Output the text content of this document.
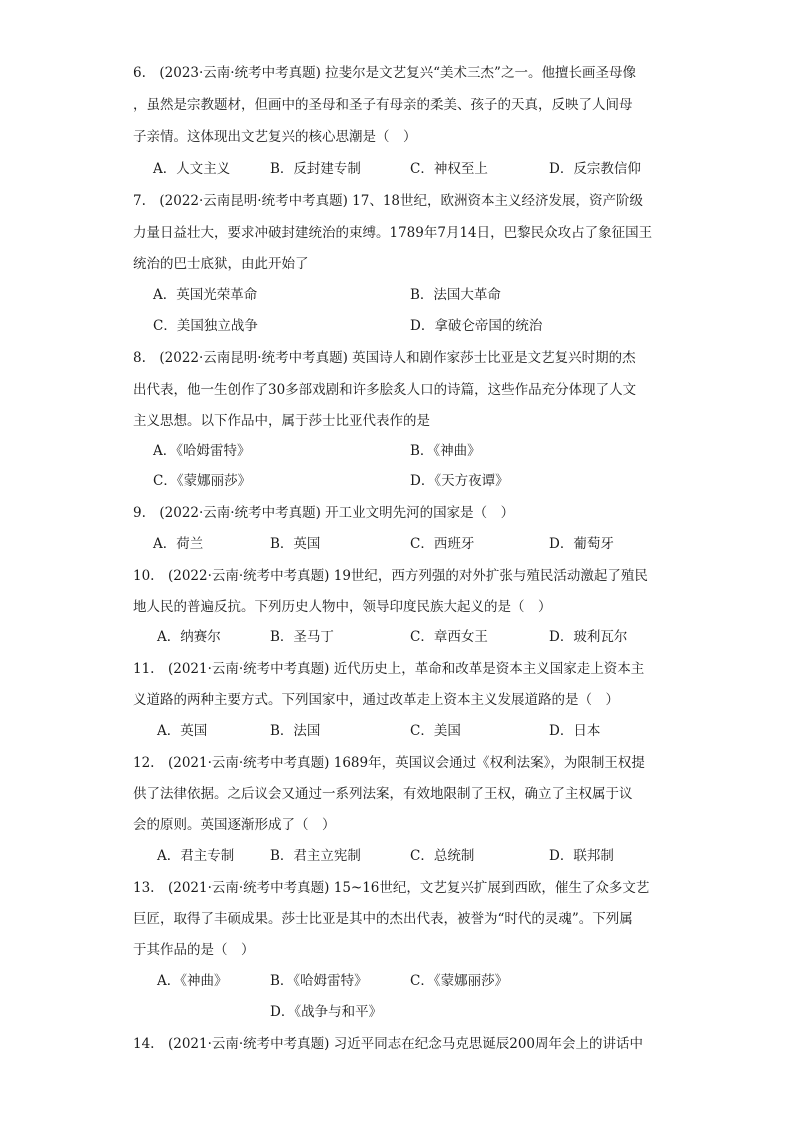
6.　(2023·云南·统考中考真题) 拉斐尔是文艺复兴“美术三杰”之一。他擅长画圣母像
，虽然是宗教题材，但画中的圣母和圣子有母亲的柔美、孩子的天真，反映了人间母
子亲情。这体现出文艺复兴的核心思潮是（　）
A．人文主义	B．反封建专制	C．神权至上	D．反宗教信仰
7.　(2022·云南昆明·统考中考真题) 17、18世纪，欧洲资本主义经济发展，资产阶级
力量日益壮大，要求冲破封建统治的束缚。1789年7月14日，巴黎民众攻占了象征国王
统治的巴士底狱，由此开始了
A．英国光荣革命	B．法国大革命
C．美国独立战争	D．拿破仑帝国的统治
8.　(2022·云南昆明·统考中考真题) 英国诗人和剧作家莎士比亚是文艺复兴时期的杰
出代表，他一生创作了30多部戏剧和许多脍炙人口的诗篇，这些作品充分体现了人文
主义思想。以下作品中，属于莎士比亚代表作的是
A．《哈姆雷特》	B．《神曲》
C．《蒙娜丽莎》	D．《天方夜谭》
9.　(2022·云南·统考中考真题) 开工业文明先河的国家是（　）
A．荷兰	B．英国	C．西班牙	D．葡萄牙
10.　(2022·云南·统考中考真题) 19世纪，西方列强的对外扩张与殖民活动激起了殖民
地人民的普遍反抗。下列历史人物中，领导印度民族大起义的是（　）
A．纳赛尔	B．圣马丁	C．章西女王	D．玻利瓦尔
11.　(2021·云南·统考中考真题) 近代历史上，革命和改革是资本主义国家走上资本主
义道路的两种主要方式。下列国家中，通过改革走上资本主义发展道路的是（　）
A．英国	B．法国	C．美国	D．日本
12.　(2021·云南·统考中考真题) 1689年，英国议会通过《权利法案》，为限制王权提
供了法律依据。之后议会又通过一系列法案，有效地限制了王权，确立了主权属于议
会的原则。英国逐渐形成了（　）
A．君主专制	B．君主立宪制	C．总统制	D．联邦制
13.　(2021·云南·统考中考真题) 15~16世纪，文艺复兴扩展到西欧，催生了众多文艺
巨匠，取得了丰硕成果。莎士比亚是其中的杰出代表，被誉为“时代的灵魂”。下列属
于其作品的是（　）
A．《神曲》	B．《哈姆雷特》	C．《蒙娜丽莎》
D．《战争与和平》
14.　(2021·云南·统考中考真题) 习近平同志在纪念马克思诞辰200周年会上的讲话中
